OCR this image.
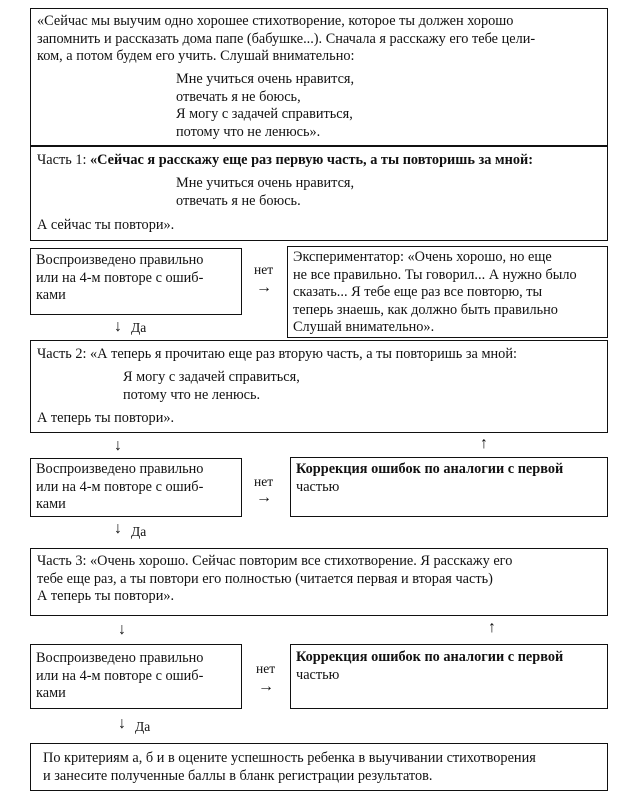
«Сейчас мы выучим одно хорошее стихотворение, которое ты должен хорошо
запомнить и рассказать дома папе (бабушке...). Сначала я расскажу его тебе цели-
ком, а потом будем его учить. Слушай внимательно:
Мне учиться очень нравится,
отвечать я не боюсь,
Я могу с задачей справиться,
потому что не ленюсь».
Часть 1: «Сейчас я расскажу еще раз первую часть, а ты повторишь за мной:
Мне учиться очень нравится,
отвечать я не боюсь.
А сейчас ты повтори».
Воспроизведено правильно
или на 4-м повторе с ошиб-
ками
нет
→
Экспериментатор: «Очень хорошо, но еще
не все правильно. Ты говорил... А нужно было
сказать... Я тебе еще раз все повторю, ты
теперь знаешь, как должно быть правильно
Слушай внимательно».
↓ Да
Часть 2: «А теперь я прочитаю еще раз вторую часть, а ты повторишь за мной:
Я могу с задачей справиться,
потому что не ленюсь.
А теперь ты повтори».
↓	↑
Воспроизведено правильно
или на 4-м повторе с ошиб-
ками
нет
→
Коррекция ошибок по аналогии с первой
частью
↓ Да
Часть 3: «Очень хорошо. Сейчас повторим все стихотворение. Я расскажу его
тебе еще раз, а ты повтори его полностью (читается первая и вторая часть)
А теперь ты повтори».
↓	↑
Воспроизведено правильно
или на 4-м повторе с ошиб-
ками
нет
→
Коррекция ошибок по аналогии с первой
частью
↓ Да
По критериям а, б и в оцените успешность ребенка в выучивании стихотворения
и занесите полученные баллы в бланк регистрации результатов.
